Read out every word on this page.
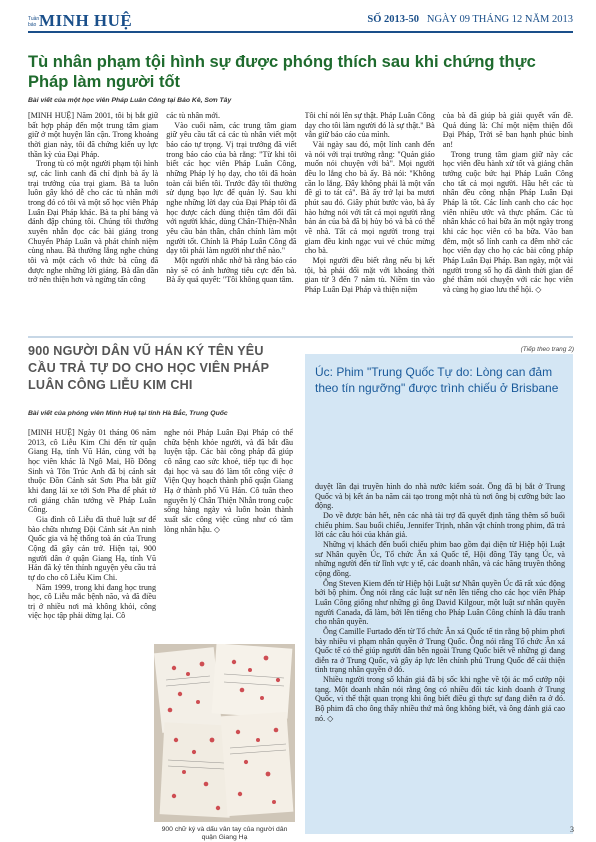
Tuần báo MINH HUỆ	SỐ 2013-50 NGÀY 09 THÁNG 12 NĂM 2013
Tù nhân phạm tội hình sự được phóng thích sau khi chứng thực Pháp làm người tốt
Bài viết của một học viên Pháp Luân Công tại Bảo Kê, Sơn Tây

[MINH HUỆ] Năm 2001, tôi bị bắt giữ bất hợp pháp đến một trung tâm giam giữ ở một huyện lân cận. Trong khoảng thời gian này, tôi đã chứng kiến uy lực thần kỳ của Đại Pháp.

Trong tù có một người phạm tội hình sự, các linh canh đã chỉ định bà ấy là trại trưởng của trại giam. Bà ta luôn luôn gây khó dễ cho các tù nhân mới trong đó có tôi và một số học viên Pháp Luân Đại Pháp khác. Bà ta phỉ báng và đánh đập chúng tôi. Chúng tôi thường xuyên nhẫn đọc các bài giảng trong Chuyển Pháp Luân và phát chính niệm cùng nhau. Bà thường lắng nghe chúng tôi và một cách vô thức bà cũng đã được nghe những lời giảng. Bà dần dần trở nên thiện hơn và ngừng tấn công

các tù nhân mới.

Vào cuối năm, các trung tâm giam giữ yêu cầu tất cả các tù nhân viết một báo cáo tự trọng. Vị trại trưởng đã viết trong báo cáo của bà rằng: "Từ khi tôi biết các học viên Pháp Luân Công, những Pháp lý họ dạy, cho tôi đã hoàn toàn cải biến tôi. Trước đây tôi thường sử dụng bạo lực để quản lý. Sau khi nghe những lời dạy của Đại Pháp tôi đã học được cách dùng thiện tâm đối đãi với người khác, dùng Chân-Thiện-Nhẫn yêu cầu bản thân, chân chính làm một người tốt. Chính là Pháp Luân Công đã dạy tôi phải làm người như thế nào."

Một người nhắc nhở bà rằng báo cáo này sẽ có ảnh hưởng tiêu cực đến bà. Bà ấy quả quyết: "Tôi không quan tâm.

Tôi chỉ nói lên sự thật. Pháp Luân Công dạy cho tôi làm người đó là sự thật." Bà vẫn giữ báo cáo của mình.

Vài ngày sau đó, một lính canh đến và nói với trại trưởng rằng: "Quản giáo muốn nói chuyện với bà". Mọi người đều lo lắng cho bà ấy. Bà nói: "Không cần lo lắng. Đây không phải là một vấn đề gì to tát cả". Bà ấy trở lại ba mươi phút sau đó. Giây phút bước vào, bà ấy hào hứng nói với tất cả mọi người rằng bản án của bà đã bị hủy bỏ và bà có thể về nhà. Tất cả mọi người trong trại giam đều kinh ngạc vui vẻ chúc mừng cho bà.

Mọi người đều biết rằng nếu bị kết tội, bà phải đối mặt với khoảng thời gian từ 3 đến 7 năm tù. Niềm tin vào Pháp Luân Đại Pháp và thiện niệm

của bà đã giúp bà giải quyết vấn đề. Quả đúng là: Chỉ một niệm thiện đối Đại Pháp, Trời sẽ ban hạnh phúc bình an!

Trong trung tâm giam giữ này các học viên đều hành xử tốt và giảng chân tướng cuộc bức hại Pháp Luân Công cho tất cả mọi người. Hầu hết các tù nhân đều công nhận Pháp Luân Đại Pháp là tốt. Các lính canh cho các học viên nhiều ước và thực phẩm. Các tù nhân khác có hai bữa ăn một ngày trong khi các học viên có ba bữa. Vào ban đêm, một số lính canh ca đêm nhờ các học viên dạy cho họ các bài công pháp Pháp Luân Đại Pháp. Ban ngày, một vài người trong số họ đã dành thời gian để ghé thăm nói chuyện với các học viên và cùng họ giao lưu thể hội. ◇

900 NGƯỜI DÂN VŨ HÁN KÝ TÊN YÊU CẦU TRẢ TỰ DO CHO HỌC VIÊN PHÁP LUÂN CÔNG LIỄU KIM CHI
Bài viết của phóng viên Minh Huệ tại tỉnh Hà Bắc, Trung Quốc
(Tiếp theo trang 2)

[MINH HUỆ] Ngày 01 tháng 06 năm 2013, cô Liễu Kim Chi đến từ quận Giang Hạ, tỉnh Vũ Hán, cùng với bạ học viên khác là Ngô Mai, Hồ Đông Sinh và Tôn Trúc Anh đã bị cảnh sát thuộc Đồn Cảnh sát Sơn Pha bắt giữ khi đang lái xe tới Sơn Pha để phát tờ rơi giảng chân tướng về Pháp Luân Công.

Gia đình cô Liễu đã thuê luật sư để bào chữa nhưng Đội Cảnh sát An ninh Quốc gia và hệ thống toà án của Trung Cộng đã gây cản trở. Hiện tại, 900 người dân ở quận Giang Hạ, tỉnh Vũ Hán đã ký tên thỉnh nguyện yêu cầu trả tự do cho cô Liễu Kim Chi.

Năm 1999, trong khi đang học trung học, cô Liễu mắc bệnh não, và đã điều trị ở nhiều nơi mà không khỏi, công việc học tập phải dừng lại. Cô

nghe nói Pháp Luân Đại Pháp có thể chữa bệnh khỏe người, và đã bắt đầu luyện tập. Các bài công pháp đã giúp cô nâng cao sức khoẻ, tiếp tục đi học đại học và sau đó làm tốt công việc ở Viện Quy hoạch thành phố quận Giang Hạ ở thành phố Vũ Hán. Cô tuân theo nguyên lý Chân Thiện Nhẫn trong cuộc sống hàng ngày và luôn hoàn thành xuất sắc công việc cũng như có tầm lòng nhân hậu. ◇

900 chữ ký và dấu vân tay của người dân quận Giang Hạ
Úc: Phim "Trung Quốc Tự do: Lòng can đảm theo tín ngưỡng" được trình chiếu ở Brisbane

duyệt lần đại truyền hình do nhà nước kiểm soát. Ông đã bị bắt ở Trung Quốc và bị kết án ba năm cải tạo trong một nhà tù nơi ông bị cưỡng bức lao động.

Do về được bản hết, nên các nhà tài trợ đã quyết định tăng thêm số buổi chiếu phim. Sau buổi chiếu, Jennifer Trịnh, nhân vật chính trong phim, đã trả lời các câu hỏi của khán giả.

Những vị khách đến buổi chiếu phim bao gồm đại diện từ Hiệp hội Luật sư Nhân quyền Úc, Tổ chức Ân xá Quốc tế, Hội đồng Tây tạng Úc, và những người đến từ lĩnh vực y tế, các doanh nhân, và các hãng truyền thông cộng đồng.

Ông Steven Kiem đến từ Hiệp hội Luật sư Nhân quyền Úc đã rất xúc động bởi bộ phim. Ông nói rằng các luật sư nên lên tiếng cho các học viên Pháp Luân Công giống như những gì ông David Kilgour, một luật sư nhân quyền người Canada, đã làm, bởi lên tiếng cho Pháp Luân Công chính là đấu tranh cho nhân quyền.

Ông Camille Furtado đến từ Tổ chức Ân xá Quốc tế tin rằng bộ phim phơi bày nhiều vi phạm nhân quyền ở Trung Quốc. Ông nói rằng Tổ chức Ân xá Quốc tế có thể giúp người dân bên ngoài Trung Quốc biết về những gì đang diễn ra ở Trung Quốc, và gây áp lực lên chính phủ Trung Quốc để cải thiện tình trạng nhân quyền ở đó.

Nhiều người trong số khán giả đã bị sốc khi nghe về tội ác mổ cướp nội tạng. Một doanh nhân nói rằng ông có nhiều đối tác kinh doanh ở Trung Quốc, vì thế thật quan trọng khi ông biết điều gì thực sự đang diễn ra ở đó. Bộ phim đã cho ông thấy nhiều thứ mà ông không biết, và ông đánh giá cao nó. ◇

3
